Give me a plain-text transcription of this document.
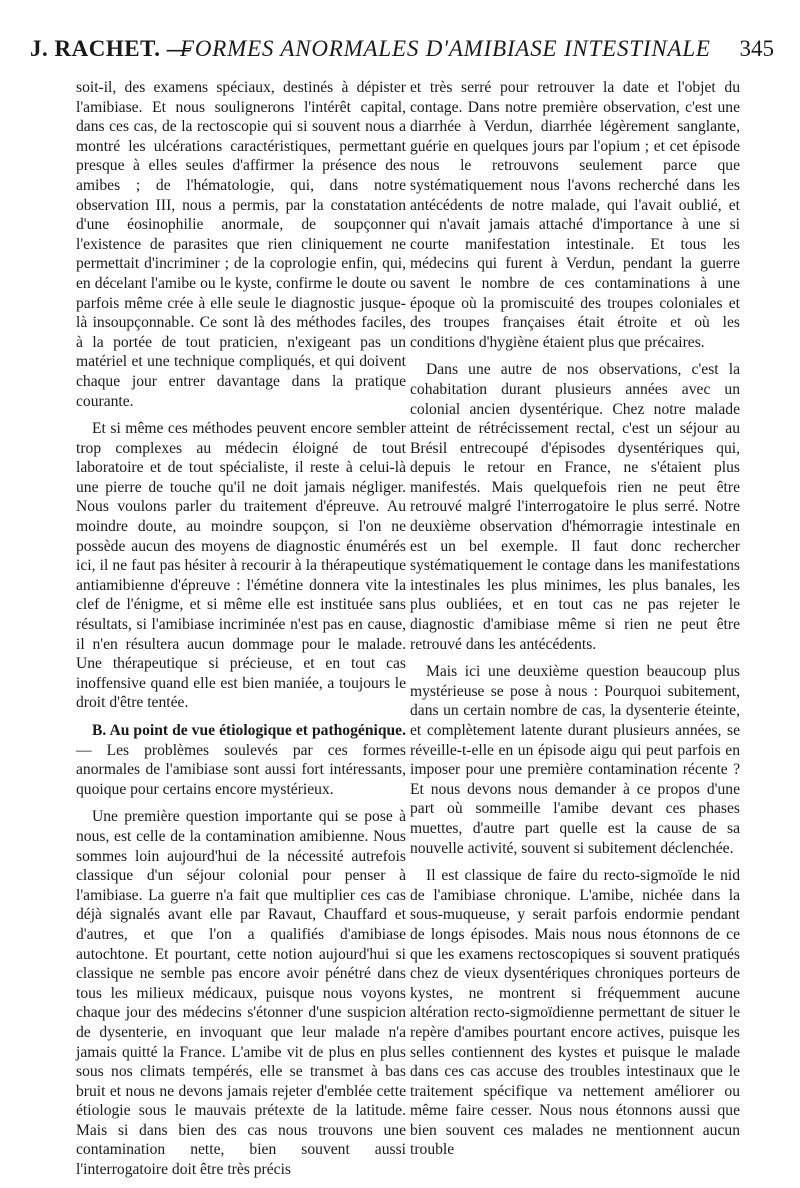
J. RACHET. —
FORMES ANORMALES D'AMIBIASE INTESTINALE 345

soit-il, des examens spéciaux, destinés à dépister l'amibiase. Et nous soulignerons l'intérêt capital, dans ces cas, de la rectoscopie qui si souvent nous a montré les ulcérations caractéristiques, permettant presque à elles seules d'affirmer la présence des amibes ; de l'hématologie, qui, dans notre observation III, nous a permis, par la constatation d'une éosinophilie anormale, de soupçonner l'existence de parasites que rien cliniquement ne permettait d'incriminer ; de la coprologie enfin, qui, en décelant l'amibe ou le kyste, confirme le doute ou parfois même crée à elle seule le diagnostic jusque-là insoupçonnable. Ce sont là des méthodes faciles, à la portée de tout praticien, n'exigeant pas un matériel et une technique compliqués, et qui doivent chaque jour entrer davantage dans la pratique courante.

Et si même ces méthodes peuvent encore sembler trop complexes au médecin éloigné de tout laboratoire et de tout spécialiste, il reste à celui-là une pierre de touche qu'il ne doit jamais négliger. Nous voulons parler du traitement d'épreuve. Au moindre doute, au moindre soupçon, si l'on ne possède aucun des moyens de diagnostic énumérés ici, il ne faut pas hésiter à recourir à la thérapeutique antiamibienne d'épreuve : l'émétine donnera vite la clef de l'énigme, et si même elle est instituée sans résultats, si l'amibiase incriminée n'est pas en cause, il n'en résultera aucun dommage pour le malade. Une thérapeutique si précieuse, et en tout cas inoffensive quand elle est bien maniée, a toujours le droit d'être tentée.

B. Au point de vue étiologique et pathogénique. — Les problèmes soulevés par ces formes anormales de l'amibiase sont aussi fort intéressants, quoique pour certains encore mystérieux.

Une première question importante qui se pose à nous, est celle de la contamination amibienne. Nous sommes loin aujourd'hui de la nécessité autrefois classique d'un séjour colonial pour penser à l'amibiase. La guerre n'a fait que multiplier ces cas déjà signalés avant elle par Ravaut, Chauffard et d'autres, et que l'on a qualifiés d'amibiase autochtone. Et pourtant, cette notion aujourd'hui si classique ne semble pas encore avoir pénétré dans tous les milieux médicaux, puisque nous voyons chaque jour des médecins s'étonner d'une suspicion de dysenterie, en invoquant que leur malade n'a jamais quitté la France. L'amibe vit de plus en plus sous nos climats tempérés, elle se transmet à bas bruit et nous ne devons jamais rejeter d'emblée cette étiologie sous le mauvais prétexte de la latitude. Mais si dans bien des cas nous trouvons une contamination nette, bien souvent aussi l'interrogatoire doit être très précis

et très serré pour retrouver la date et l'objet du contage. Dans notre première observation, c'est une diarrhée à Verdun, diarrhée légèrement sanglante, guérie en quelques jours par l'opium ; et cet épisode nous le retrouvons seulement parce que systématiquement nous l'avons recherché dans les antécédents de notre malade, qui l'avait oublié, et qui n'avait jamais attaché d'importance à une si courte manifestation intestinale. Et tous les médecins qui furent à Verdun, pendant la guerre savent le nombre de ces contaminations à une époque où la promiscuité des troupes coloniales et des troupes françaises était étroite et où les conditions d'hygiène étaient plus que précaires.

Dans une autre de nos observations, c'est la cohabitation durant plusieurs années avec un colonial ancien dysentérique. Chez notre malade atteint de rétrécissement rectal, c'est un séjour au Brésil entrecoupé d'épisodes dysentériques qui, depuis le retour en France, ne s'étaient plus manifestés. Mais quelquefois rien ne peut être retrouvé malgré l'interrogatoire le plus serré. Notre deuxième observation d'hémorragie intestinale en est un bel exemple. Il faut donc rechercher systématiquement le contage dans les manifestations intestinales les plus minimes, les plus banales, les plus oubliées, et en tout cas ne pas rejeter le diagnostic d'amibiase même si rien ne peut être retrouvé dans les antécédents.

Mais ici une deuxième question beaucoup plus mystérieuse se pose à nous : Pourquoi subitement, dans un certain nombre de cas, la dysenterie éteinte, et complètement latente durant plusieurs années, se réveille-t-elle en un épisode aigu qui peut parfois en imposer pour une première contamination récente ? Et nous devons nous demander à ce propos d'une part où sommeille l'amibe devant ces phases muettes, d'autre part quelle est la cause de sa nouvelle activité, souvent si subitement déclenchée.

Il est classique de faire du recto-sigmoïde le nid de l'amibiase chronique. L'amibe, nichée dans la sous-muqueuse, y serait parfois endormie pendant de longs épisodes. Mais nous nous étonnons de ce que les examens rectoscopiques si souvent pratiqués chez de vieux dysentériques chroniques porteurs de kystes, ne montrent si fréquemment aucune altération recto-sigmoïdienne permettant de situer le repère d'amibes pourtant encore actives, puisque les selles contiennent des kystes et puisque le malade dans ces cas accuse des troubles intestinaux que le traitement spécifique va nettement améliorer ou même faire cesser. Nous nous étonnons aussi que bien souvent ces malades ne mentionnent aucun trouble
